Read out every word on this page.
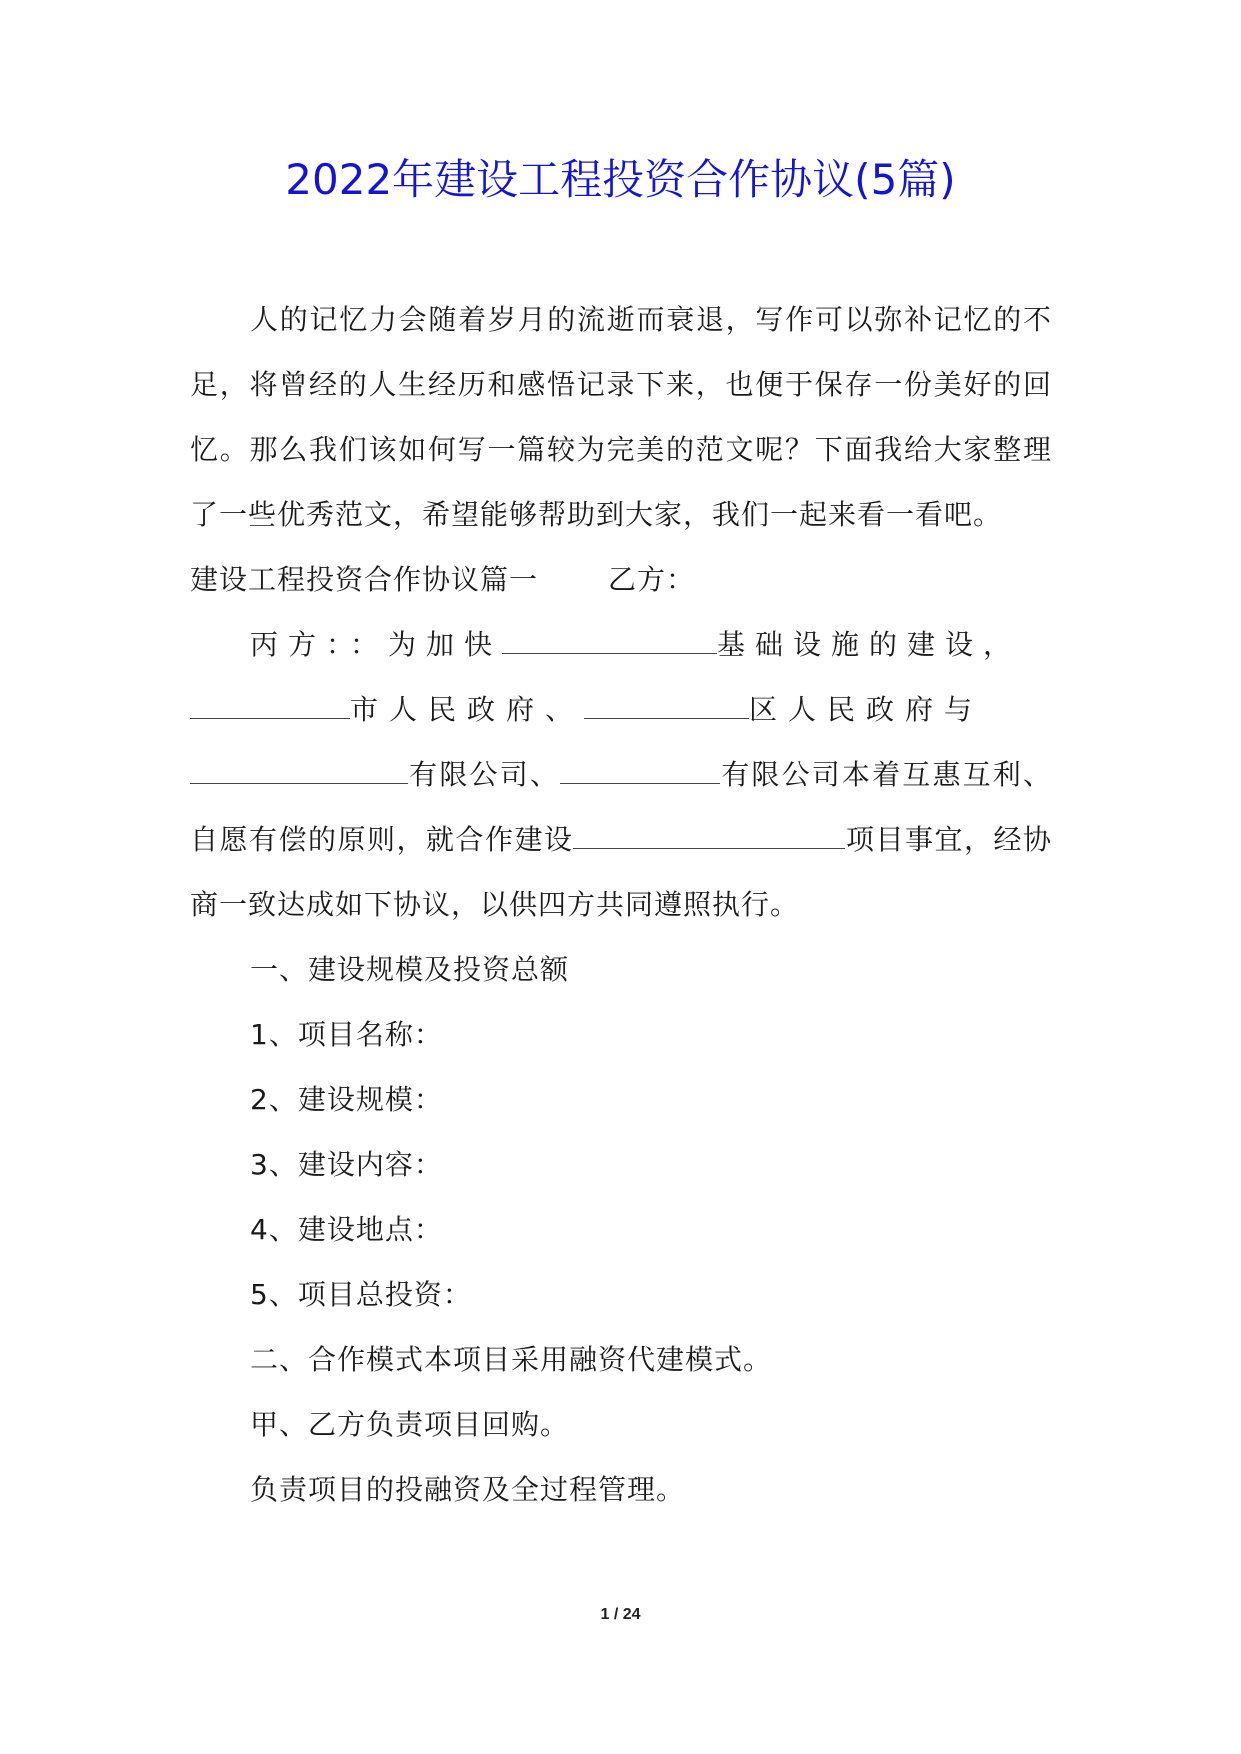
2022年建设工程投资合作协议(5篇)

人的记忆力会随着岁月的流逝而衰退，写作可以弥补记忆的不足，将曾经的人生经历和感悟记录下来，也便于保存一份美好的回忆。那么我们该如何写一篇较为完美的范文呢？下面我给大家整理了一些优秀范文，希望能够帮助到大家，我们一起来看一看吧。

建设工程投资合作协议篇一	乙方：

丙方：：为加快	基础设施的建设，

市人民政府、	区人民政府与

有限公司、	有限公司本着互惠互利、自愿有偿的原则，就合作建设	项目事宜，经协商一致达成如下协议，以供四方共同遵照执行。

一、建设规模及投资总额

1、项目名称：

2、建设规模：

3、建设内容：

4、建设地点：

5、项目总投资：

二、合作模式本项目采用融资代建模式。

甲、乙方负责项目回购。

负责项目的投融资及全过程管理。

1 / 24
